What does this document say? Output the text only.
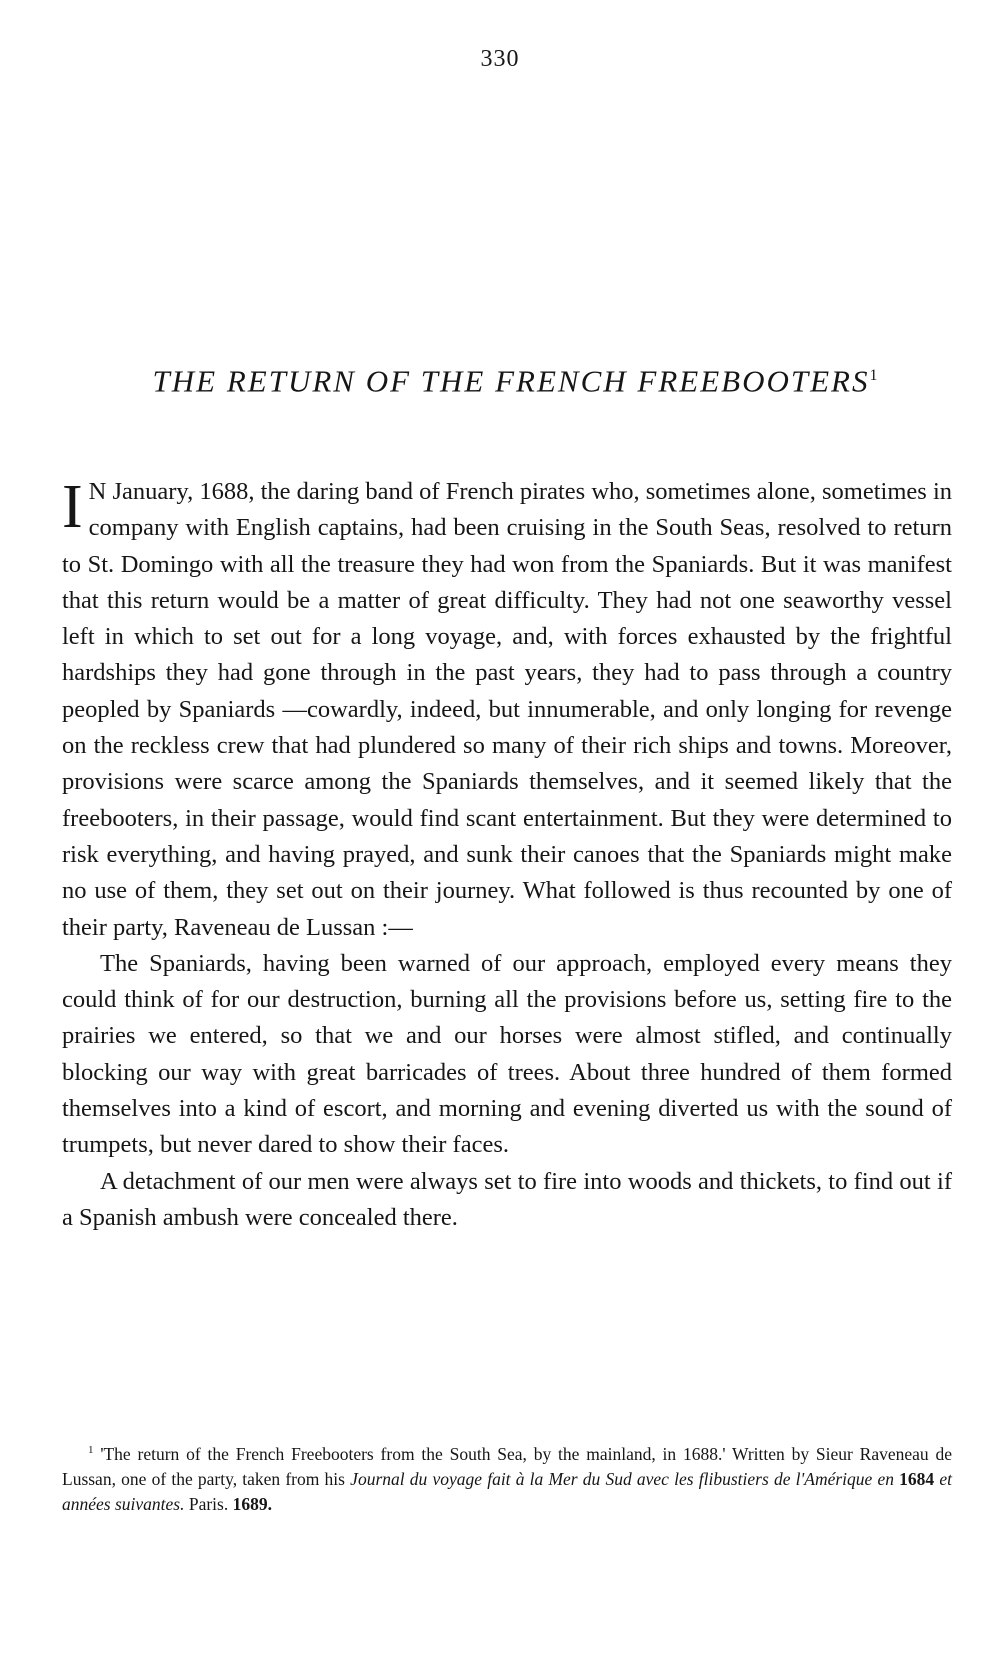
330
THE RETURN OF THE FRENCH FREEBOOTERS$^1$

I N January, 1688, the daring band of French pirates who, sometimes alone, sometimes in company with English captains, had been cruising in the South Seas, resolved to return to St. Domingo with all the treasure they had won from the Spaniards. But it was manifest that this return would be a matter of great difficulty. They had not one seaworthy vessel left in which to set out for a long voyage, and, with forces exhausted by the frightful hardships they had gone through in the past years, they had to pass through a country peopled by Spaniards —cowardly, indeed, but innumerable, and only longing for revenge on the reckless crew that had plundered so many of their rich ships and towns. Moreover, provisions were scarce among the Spaniards themselves, and it seemed likely that the freebooters, in their passage, would find scant entertainment. But they were determined to risk everything, and having prayed, and sunk their canoes that the Spaniards might make no use of them, they set out on their journey. What followed is thus recounted by one of their party, Raveneau de Lussan :—

The Spaniards, having been warned of our approach, employed every means they could think of for our destruction, burning all the provisions before us, setting fire to the prairies we entered, so that we and our horses were almost stifled, and continually blocking our way with great barricades of trees. About three hundred of them formed themselves into a kind of escort, and morning and evening diverted us with the sound of trumpets, but never dared to show their faces.

A detachment of our men were always set to fire into woods and thickets, to find out if a Spanish ambush were concealed there.

$^1$ 'The return of the French Freebooters from the South Sea, by the mainland, in 1688.' Written by Sieur Raveneau de Lussan, one of the party, taken from his Journal du voyage fait à la Mer du Sud avec les flibustiers de l'Amérique en 1684 et années suivantes. Paris. 1689.
